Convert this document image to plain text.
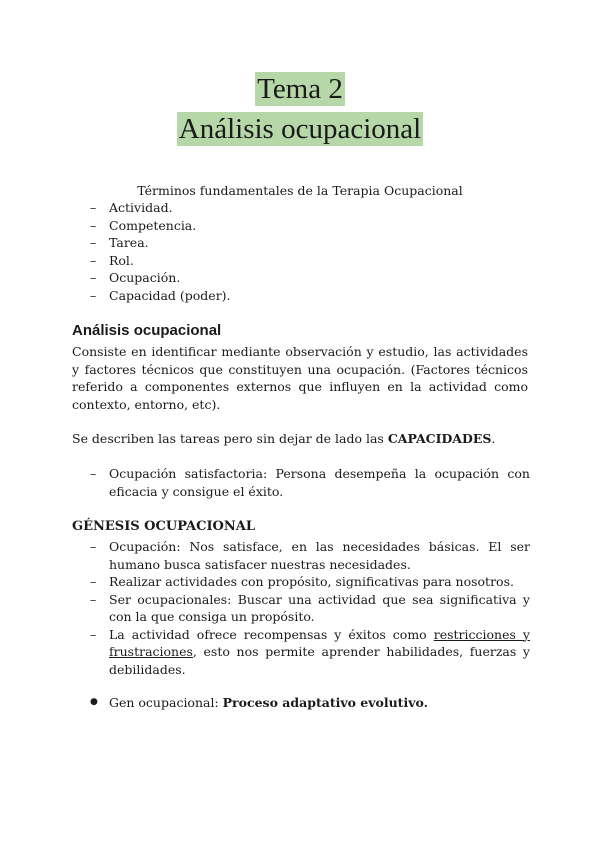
Tema 2
Análisis ocupacional
Términos fundamentales de la Terapia Ocupacional
– Actividad.
– Competencia.
– Tarea.
– Rol.
– Ocupación.
– Capacidad (poder).
Análisis ocupacional
Consiste en identificar mediante observación y estudio, las actividades y factores técnicos que constituyen una ocupación. (Factores técnicos referido a componentes externos que influyen en la actividad como contexto, entorno, etc).
Se describen las tareas pero sin dejar de lado las CAPACIDADES.
– Ocupación satisfactoria: Persona desempeña la ocupación con eficacia y consigue el éxito.
GÉNESIS OCUPACIONAL
– Ocupación: Nos satisface, en las necesidades básicas. El ser humano busca satisfacer nuestras necesidades.
– Realizar actividades con propósito, significativas para nosotros.
– Ser ocupacionales: Buscar una actividad que sea significativa y con la que consiga un propósito.
– La actividad ofrece recompensas y éxitos como restricciones y frustraciones, esto nos permite aprender habilidades, fuerzas y debilidades.
● Gen ocupacional: Proceso adaptativo evolutivo.
